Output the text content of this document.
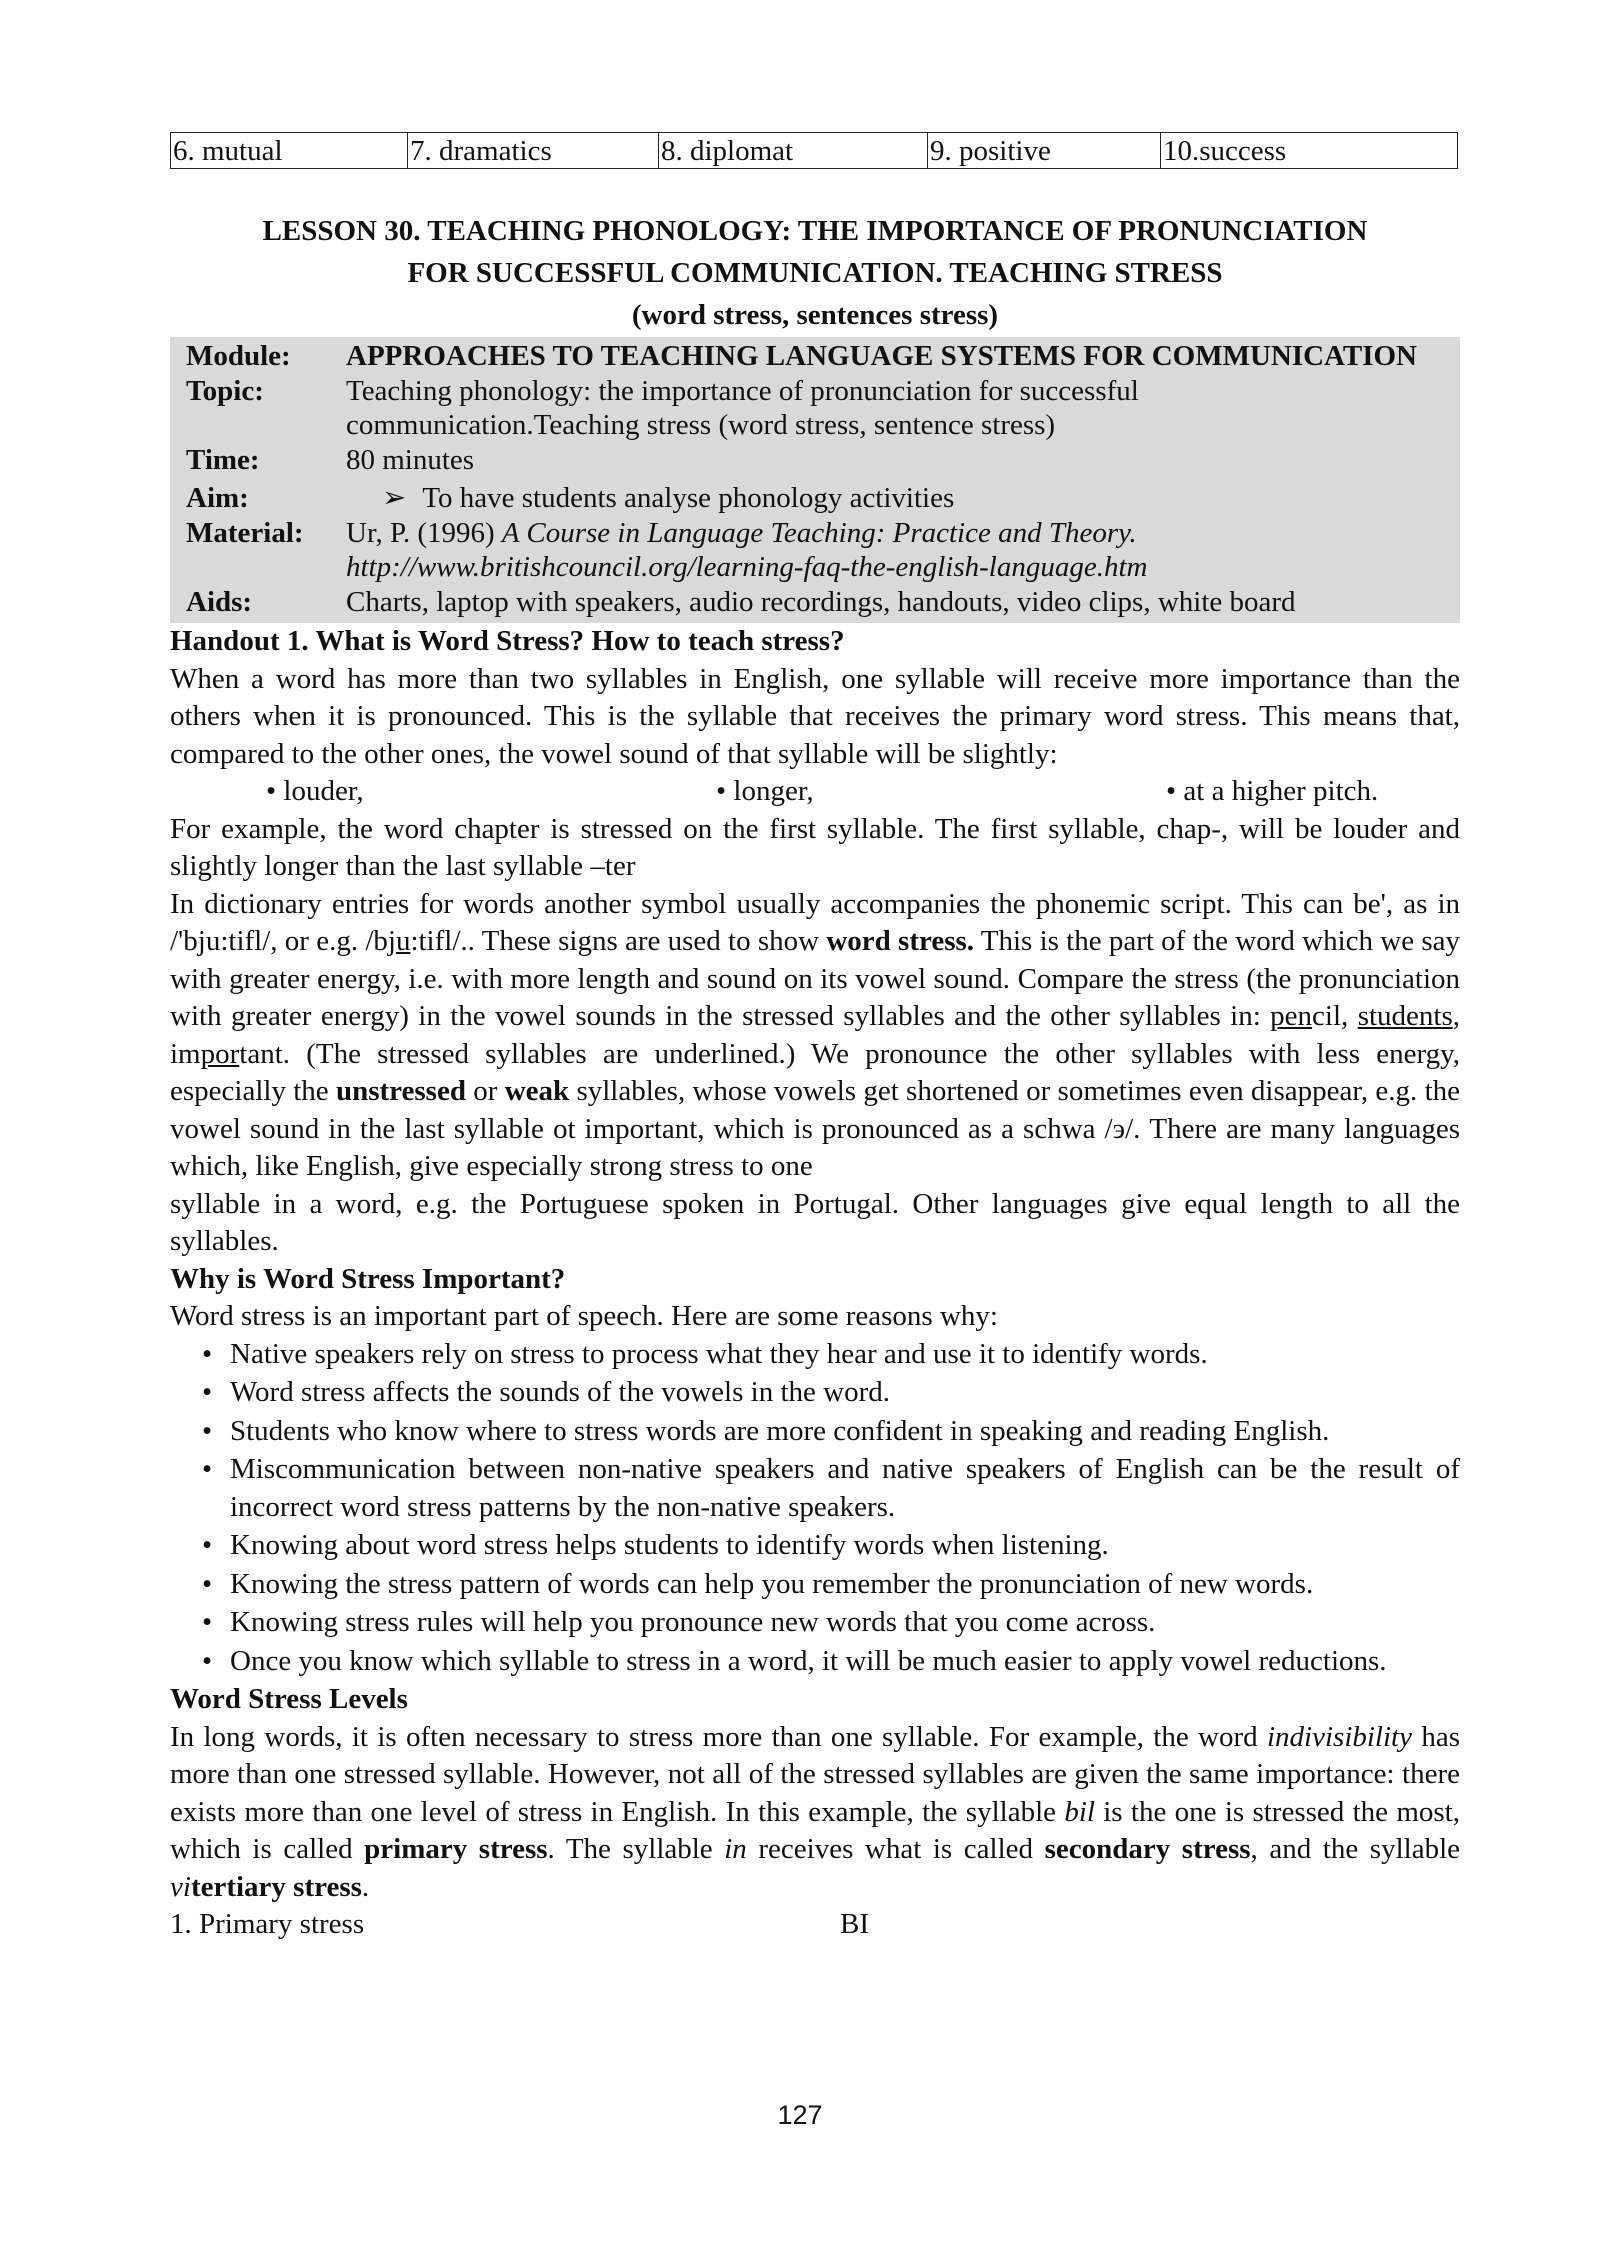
6. mutual	7. dramatics	8. diplomat	9. positive	10.success
LESSON 30. TEACHING PHONOLOGY: THE IMPORTANCE OF PRONUNCIATION
FOR SUCCESSFUL COMMUNICATION. TEACHING STRESS
(word stress, sentences stress)
Module:	APPROACHES TO TEACHING LANGUAGE SYSTEMS FOR COMMUNICATION
Topic:	Teaching phonology: the importance of pronunciation for successful
communication.Teaching stress (word stress, sentence stress)
Time:	80 minutes
Aim:	➢ To have students analyse phonology activities
Material:	Ur, P. (1996) A Course in Language Teaching: Practice and Theory.
http://www.britishcouncil.org/learning-faq-the-english-language.htm
Aids:	Charts, laptop with speakers, audio recordings, handouts, video clips, white board
Handout 1. What is Word Stress? How to teach stress?

When a word has more than two syllables in English, one syllable will receive more importance than the others when it is pronounced. This is the syllable that receives the primary word stress. This means that, compared to the other ones, the vowel sound of that syllable will be slightly:

• louder,	• longer,	• at a higher pitch.

For example, the word chapter is stressed on the first syllable. The first syllable, chap-, will be louder and slightly longer than the last syllable –ter

In dictionary entries for words another symbol usually accompanies the phonemic script. This can be', as in /'bju:tifl/, or e.g. /bju:tifl/.. These signs are used to show word stress. This is the part of the word which we say with greater energy, i.e. with more length and sound on its vowel sound. Compare the stress (the pronunciation with greater energy) in the vowel sounds in the stressed syllables and the other syllables in: pencil, students, important. (The stressed syllables are underlined.) We pronounce the other syllables with less energy, especially the unstressed or weak syllables, whose vowels get shortened or sometimes even disappear, e.g. the vowel sound in the last syllable ot important, which is pronounced as a schwa /э/. There are many languages which, like English, give especially strong stress to one

syllable in a word, e.g. the Portuguese spoken in Portugal. Other languages give equal length to all the syllables.

Why is Word Stress Important?

Word stress is an important part of speech. Here are some reasons why:

• Native speakers rely on stress to process what they hear and use it to identify words.
• Word stress affects the sounds of the vowels in the word.
• Students who know where to stress words are more confident in speaking and reading English.
• Miscommunication between non-native speakers and native speakers of English can be the result of incorrect word stress patterns by the non-native speakers.
• Knowing about word stress helps students to identify words when listening.
• Knowing the stress pattern of words can help you remember the pronunciation of new words.
• Knowing stress rules will help you pronounce new words that you come across.
• Once you know which syllable to stress in a word, it will be much easier to apply vowel reductions.
Word Stress Levels

In long words, it is often necessary to stress more than one syllable. For example, the word indivisibility has more than one stressed syllable. However, not all of the stressed syllables are given the same importance: there exists more than one level of stress in English. In this example, the syllable bil is the one is stressed the most, which is called primary stress. The syllable in receives what is called secondary stress, and the syllable vitertiary stress.

1. Primary stress	BI
127
